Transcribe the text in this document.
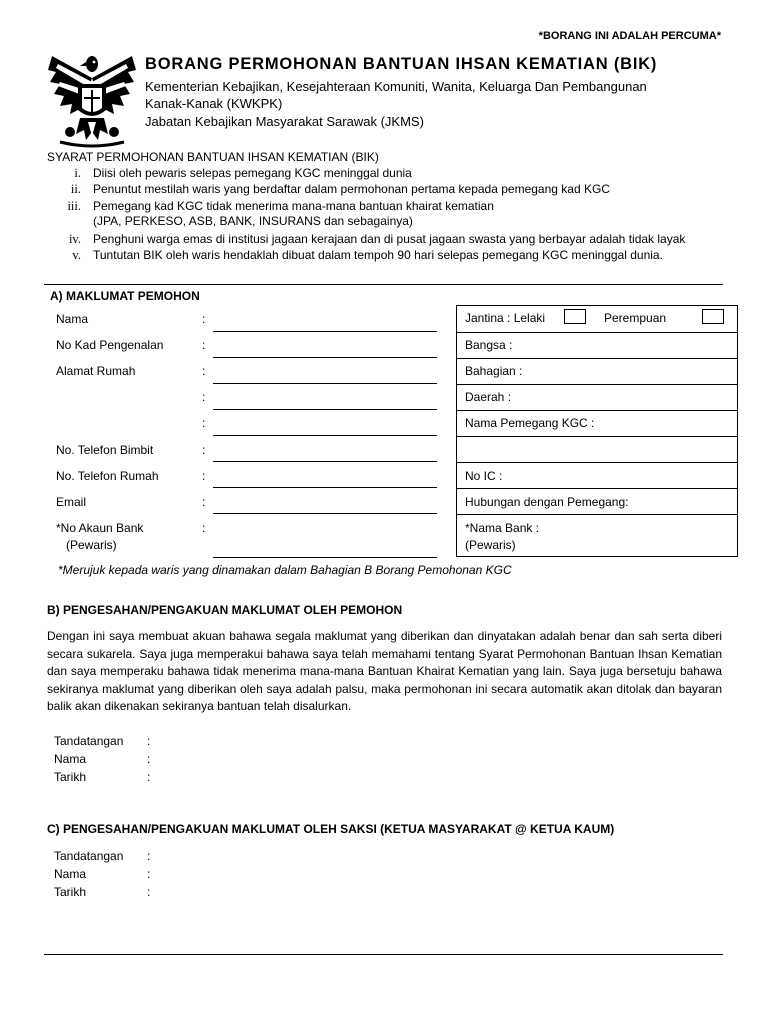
*BORANG INI ADALAH PERCUMA*
BORANG PERMOHONAN BANTUAN IHSAN KEMATIAN (BIK)
Kementerian Kebajikan, Kesejahteraan Komuniti, Wanita, Keluarga Dan Pembangunan
Kanak-Kanak (KWKPK)
Jabatan Kebajikan Masyarakat Sarawak (JKMS)
SYARAT PERMOHONAN BANTUAN IHSAN KEMATIAN (BIK)
i. Diisi oleh pewaris selepas pemegang KGC meninggal dunia
ii. Penuntut mestilah waris yang berdaftar dalam permohonan pertama kepada pemegang kad KGC
iii. Pemegang kad KGC tidak menerima mana-mana bantuan khairat kematian (JPA, PERKESO, ASB, BANK, INSURANS dan sebagainya)
iv. Penghuni warga emas di institusi jagaan kerajaan dan di pusat jagaan swasta yang berbayar adalah tidak layak
v. Tuntutan BIK oleh waris hendaklah dibuat dalam tempoh 90 hari selepas pemegang KGC meninggal dunia.
A) MAKLUMAT PEMOHON
Nama	:
No Kad Pengenalan	:
Alamat Rumah	:
:
:
No. Telefon Bimbit	:
No. Telefon Rumah	:
Email	:
*No Akaun Bank
(Pewaris)
:
Jantina : Lelaki	Perempuan
Bangsa :
Bahagian :
Daerah :
Nama Pemegang KGC :
No IC :
Hubungan dengan Pemegang:
*Nama Bank :
(Pewaris)
*Merujuk kepada waris yang dinamakan dalam Bahagian B Borang Pemohonan KGC
B) PENGESAHAN/PENGAKUAN MAKLUMAT OLEH PEMOHON
Dengan ini saya membuat akuan bahawa segala maklumat yang diberikan dan dinyatakan adalah benar dan sah serta diberi secara sukarela. Saya juga memperakui bahawa saya telah memahami tentang Syarat Permohonan Bantuan Ihsan Kematian dan saya memperaku bahawa tidak menerima mana-mana Bantuan Khairat Kematian yang lain. Saya juga bersetuju bahawa sekiranya maklumat yang diberikan oleh saya adalah palsu, maka permohonan ini secara automatik akan ditolak dan bayaran balik akan dikenakan sekiranya bantuan telah disalurkan.
Tandatangan :
Nama	:
Tarikh	:
C) PENGESAHAN/PENGAKUAN MAKLUMAT OLEH SAKSI (KETUA MASYARAKAT @ KETUA KAUM)
Tandatangan :
Nama	:
Tarikh	:
